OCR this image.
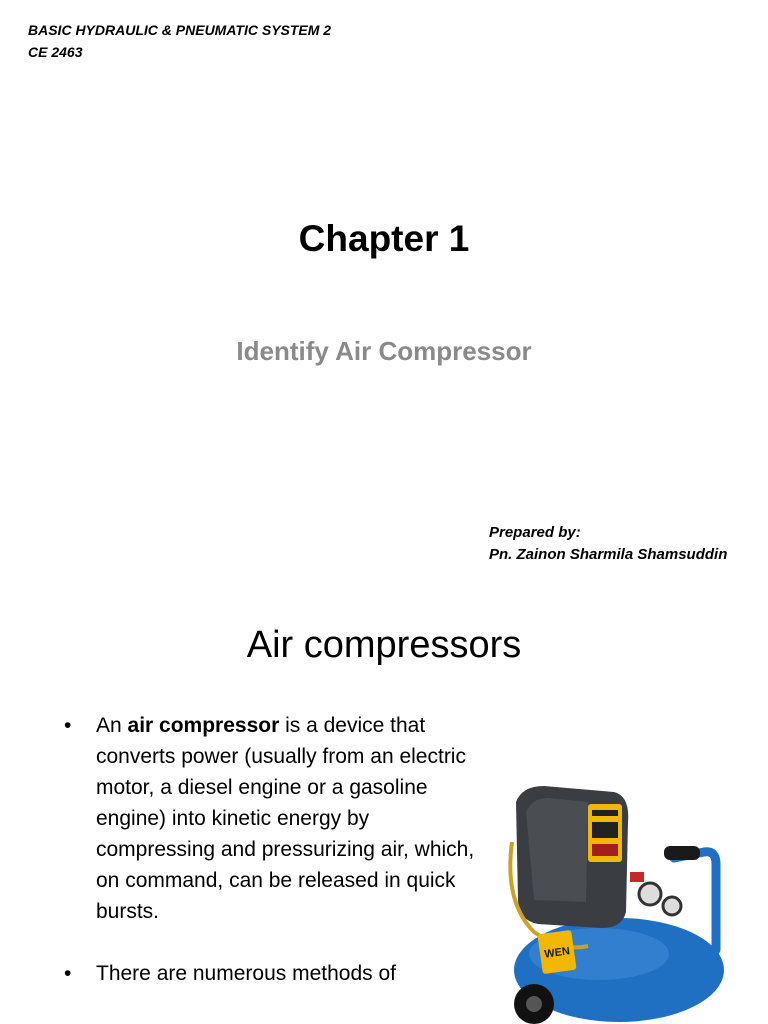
BASIC HYDRAULIC & PNEUMATIC SYSTEM 2
CE 2463
Chapter 1
Identify Air Compressor
Prepared by:
Pn. Zainon Sharmila Shamsuddin
Air compressors
• An air compressor is a device that converts power (usually from an electric motor, a diesel engine or a gasoline engine) into kinetic energy by compressing and pressurizing air, which, on command, can be released in quick bursts.
• There are numerous methods of
WEN
